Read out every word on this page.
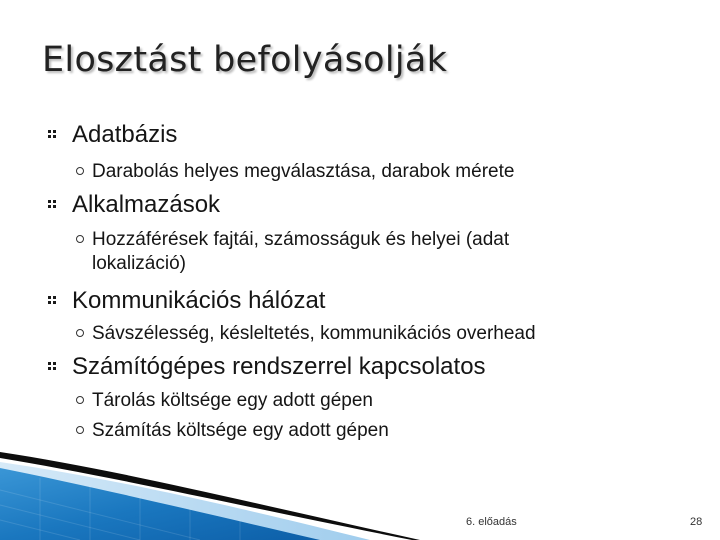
Elosztást befolyásolják
Adatbázis
Darabolás helyes megválasztása, darabok mérete
Alkalmazások
Hozzáférések fajtái, számosságuk és helyei (adat lokalizáció)
Kommunikációs hálózat
Sávszélesség, késleltetés, kommunikációs overhead
Számítógépes rendszerrel kapcsolatos
Tárolás költsége egy adott gépen
Számítás költsége egy adott gépen
6. előadás	28
